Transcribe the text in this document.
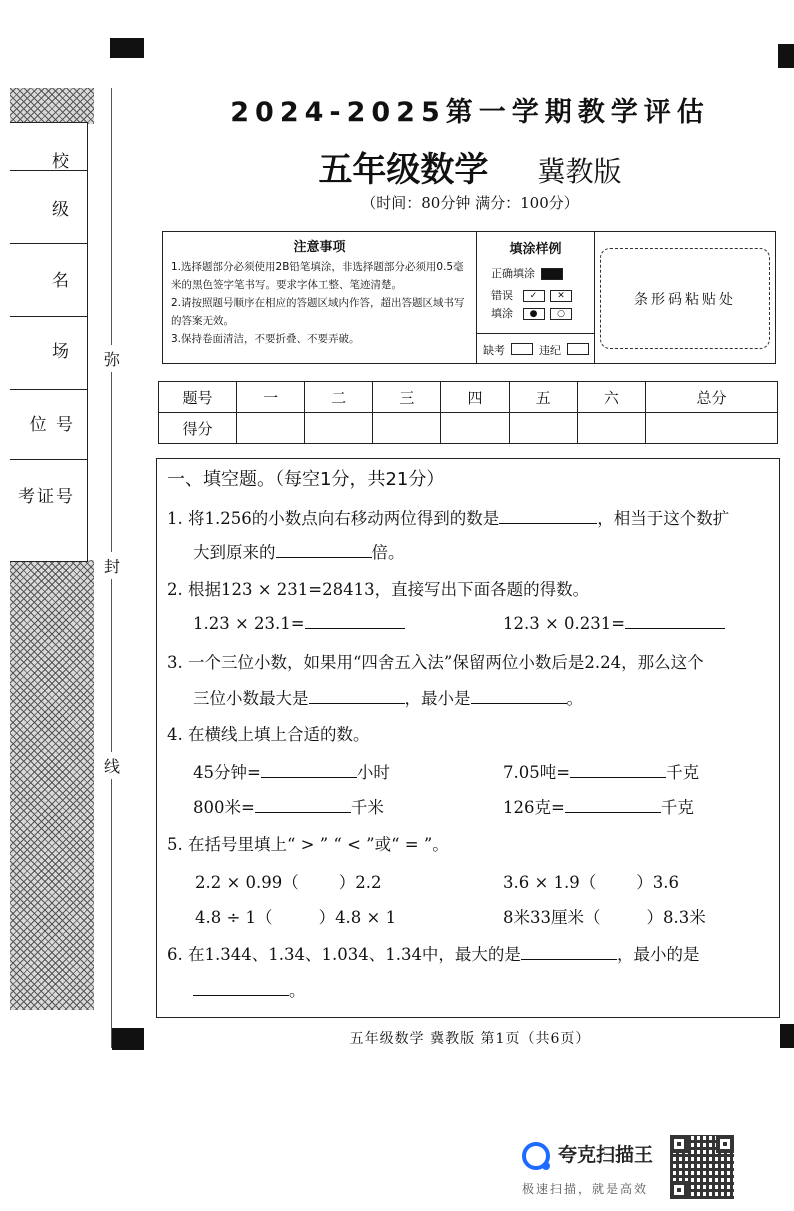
校
级
名
场
位 号
考证号
弥
封
线
2024-2025第一学期教学评估
五年级数学 冀教版
（时间：80分钟 满分：100分）
注意事项

1.选择题部分必须使用2B铅笔填涂，非选择题部分必须用0.5毫米的黑色签字笔书写。要求字体工整、笔迹清楚。

2.请按照题号顺序在相应的答题区域内作答，超出答题区域书写的答案无效。

3.保持卷面清洁，不要折叠、不要弄破。

填涂样例
正确填涂
错误 ✓ ✕
填涂 ● ○
缺考	违纪
条形码粘贴处
题号	一	二	三	四	五	六	总分
得分							
一、填空题。（每空1分，共21分）
1. 将1.256的小数点向右移动两位得到的数是	，相当于这个数扩
大到原来的	倍。
2. 根据123 × 231=28413，直接写出下面各题的得数。
1.23 × 23.1=	12.3 × 0.231=
3. 一个三位小数，如果用“四舍五入法”保留两位小数后是2.24，那么这个
三位小数最大是	，最小是	。
4. 在横线上填上合适的数。
45分钟=	小时	7.05吨=	千克
800米=	千米	126克=	千克
5. 在括号里填上“ > ” “ < ”或“ = ”。
2.2 × 0.99（ ）2.2	3.6 × 1.9（ ）3.6
4.8 ÷ 1（	）4.8 × 1	8米33厘米（	）8.3米
6. 在1.344、1.34、1.034、1.34中，最大的是	，最小的是
。
五年级数学 冀教版 第1页（共6页）
夸克扫描王
极速扫描，就是高效
